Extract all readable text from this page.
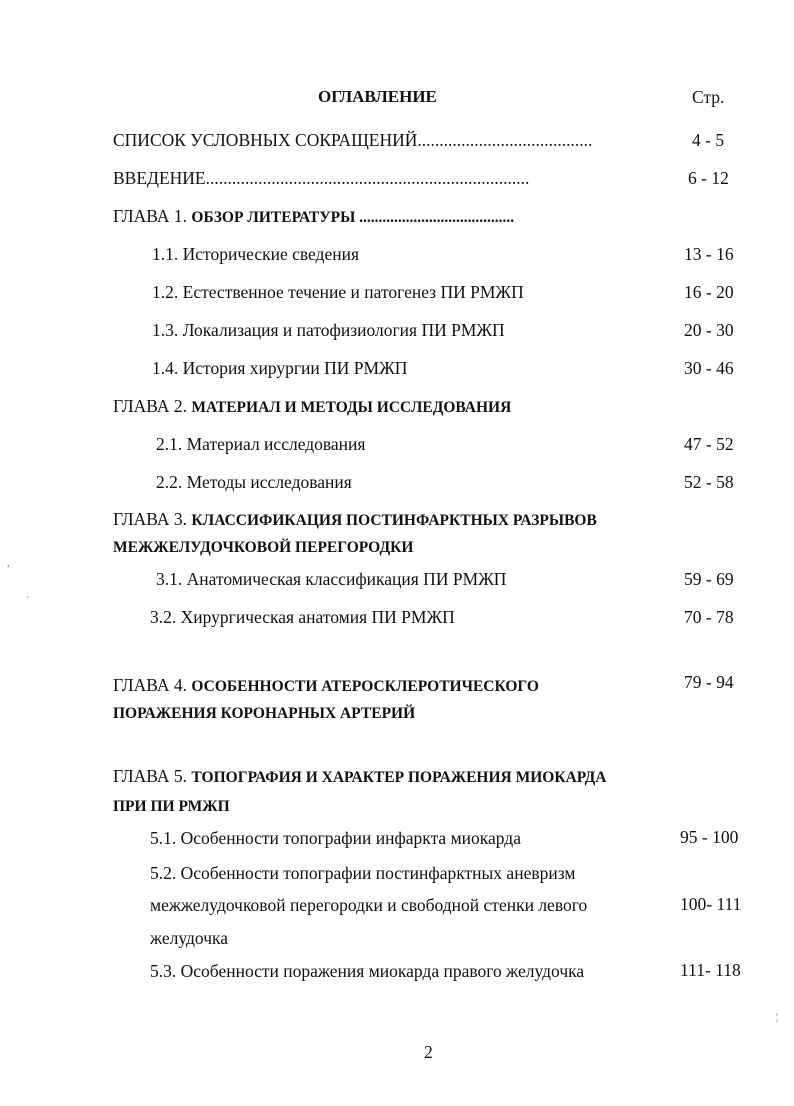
ОГЛАВЛЕНИЕ	Стр.
СПИСОК УСЛОВНЫХ СОКРАЩЕНИЙ........................................	4 - 5
ВВЕДЕНИЕ..........................................................................	6 - 12
ГЛАВА 1. ОБЗОР ЛИТЕРАТУРЫ ........................................
1.1. Исторические сведения	13 - 16
1.2. Естественное течение и патогенез ПИ РМЖП	16 - 20
1.3. Локализация и патофизиология ПИ РМЖП	20 - 30
1.4. История хирургии ПИ РМЖП	30 - 46
ГЛАВА 2. МАТЕРИАЛ И МЕТОДЫ ИССЛЕДОВАНИЯ
2.1. Материал исследования	47 - 52
2.2. Методы исследования	52 - 58
ГЛАВА 3. КЛАССИФИКАЦИЯ ПОСТИНФАРКТНЫХ РАЗРЫВОВ
МЕЖЖЕЛУДОЧКОВОЙ ПЕРЕГОРОДКИ
3.1. Анатомическая классификация ПИ РМЖП	59 - 69
3.2. Хирургическая анатомия ПИ РМЖП	70 - 78
ГЛАВА 4. ОСОБЕННОСТИ АТЕРОСКЛЕРОТИЧЕСКОГО	79 - 94
ПОРАЖЕНИЯ КОРОНАРНЫХ АРТЕРИЙ
ГЛАВА 5. ТОПОГРАФИЯ И ХАРАКТЕР ПОРАЖЕНИЯ МИОКАРДА
ПРИ ПИ РМЖП
5.1. Особенности топографии инфаркта миокарда	95 - 100
5.2. Особенности топографии постинфарктных аневризм
межжелудочковой перегородки и свободной стенки левого	100- 111
желудочка
5.3. Особенности поражения миокарда правого желудочка	111- 118
2
,
`
¦
